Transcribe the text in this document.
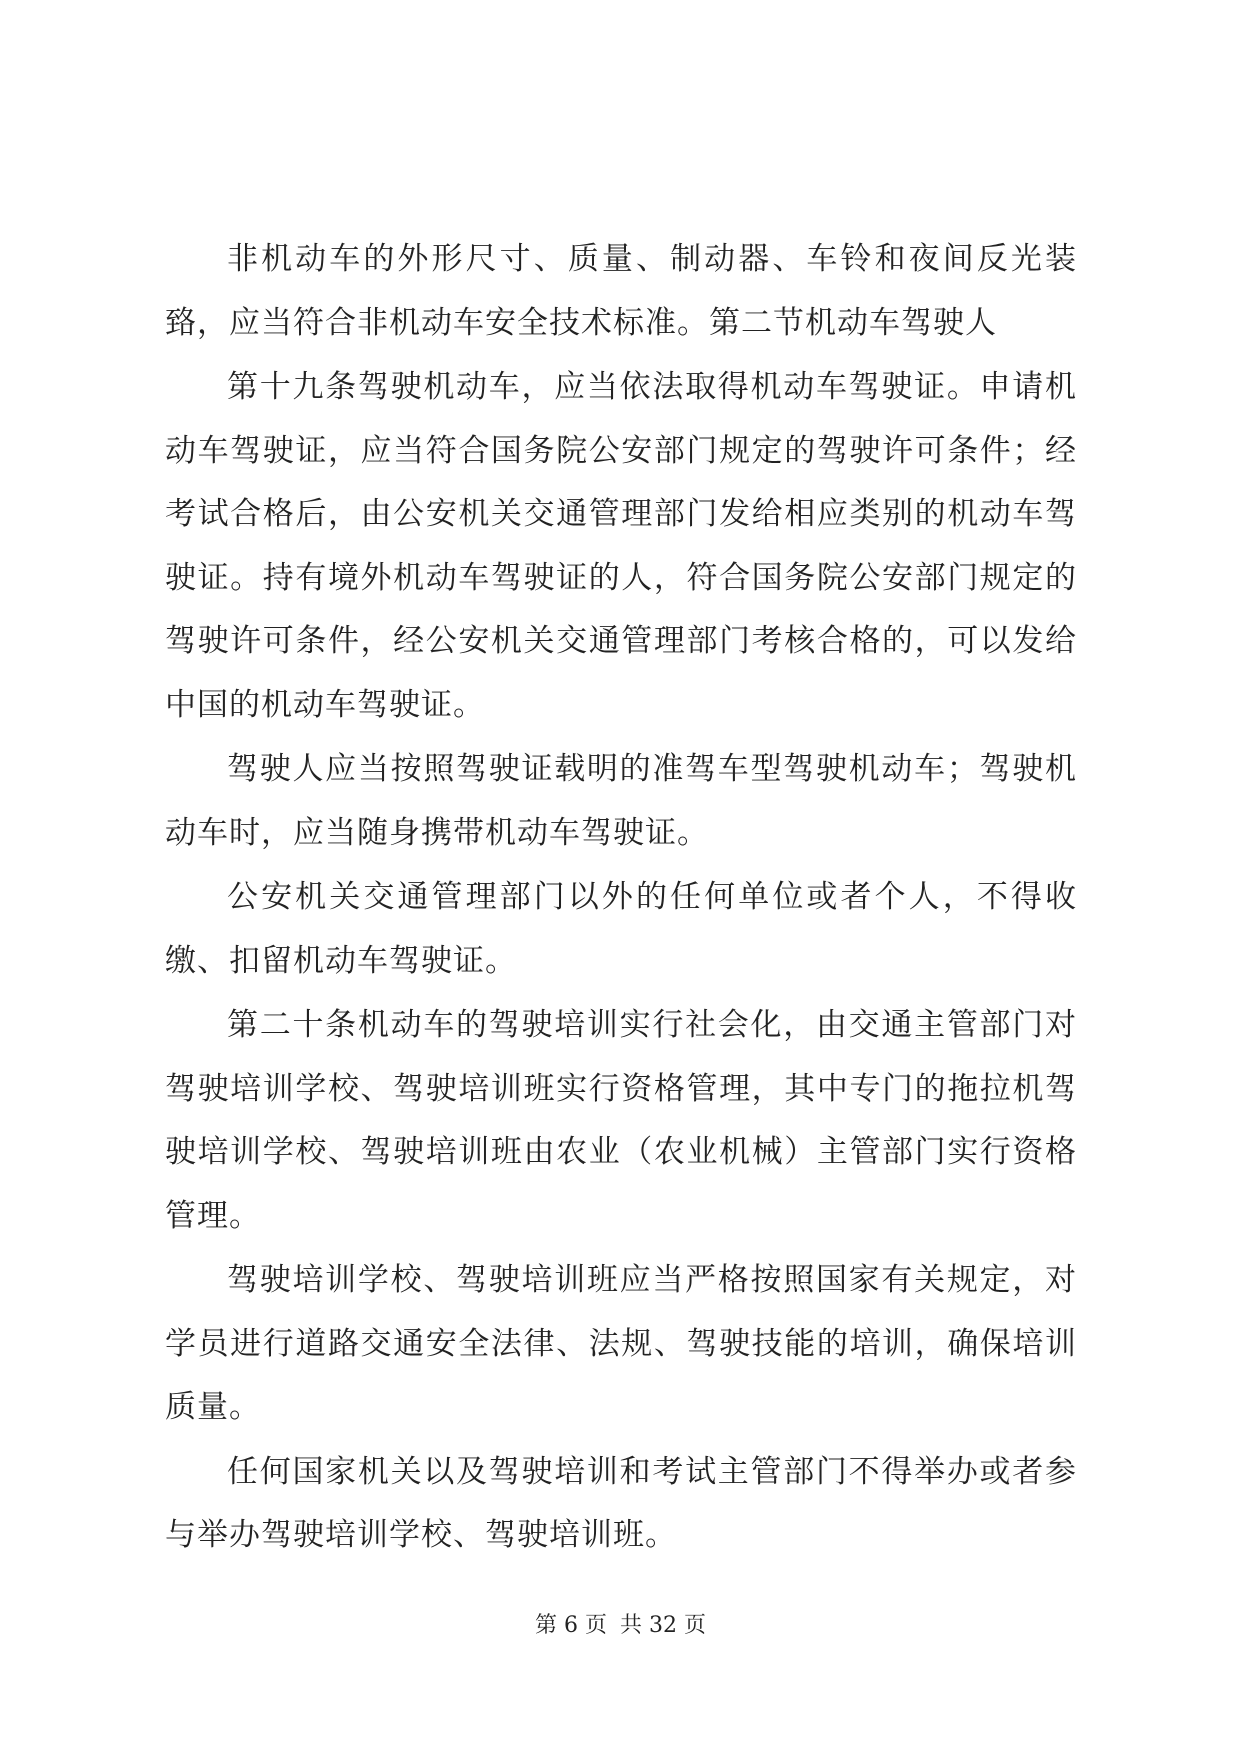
非机动车的外形尺寸、质量、制动器、车铃和夜间反光装臵，应当符合非机动车安全技术标准。第二节机动车驾驶人

第十九条驾驶机动车，应当依法取得机动车驾驶证。申请机动车驾驶证，应当符合国务院公安部门规定的驾驶许可条件；经考试合格后，由公安机关交通管理部门发给相应类别的机动车驾驶证。持有境外机动车驾驶证的人，符合国务院公安部门规定的驾驶许可条件，经公安机关交通管理部门考核合格的，可以发给中国的机动车驾驶证。

驾驶人应当按照驾驶证载明的准驾车型驾驶机动车；驾驶机动车时，应当随身携带机动车驾驶证。

公安机关交通管理部门以外的任何单位或者个人，不得收缴、扣留机动车驾驶证。

第二十条机动车的驾驶培训实行社会化，由交通主管部门对驾驶培训学校、驾驶培训班实行资格管理，其中专门的拖拉机驾驶培训学校、驾驶培训班由农业（农业机械）主管部门实行资格管理。

驾驶培训学校、驾驶培训班应当严格按照国家有关规定，对学员进行道路交通安全法律、法规、驾驶技能的培训，确保培训质量。

任何国家机关以及驾驶培训和考试主管部门不得举办或者参与举办驾驶培训学校、驾驶培训班。

第 6 页 共 32 页
